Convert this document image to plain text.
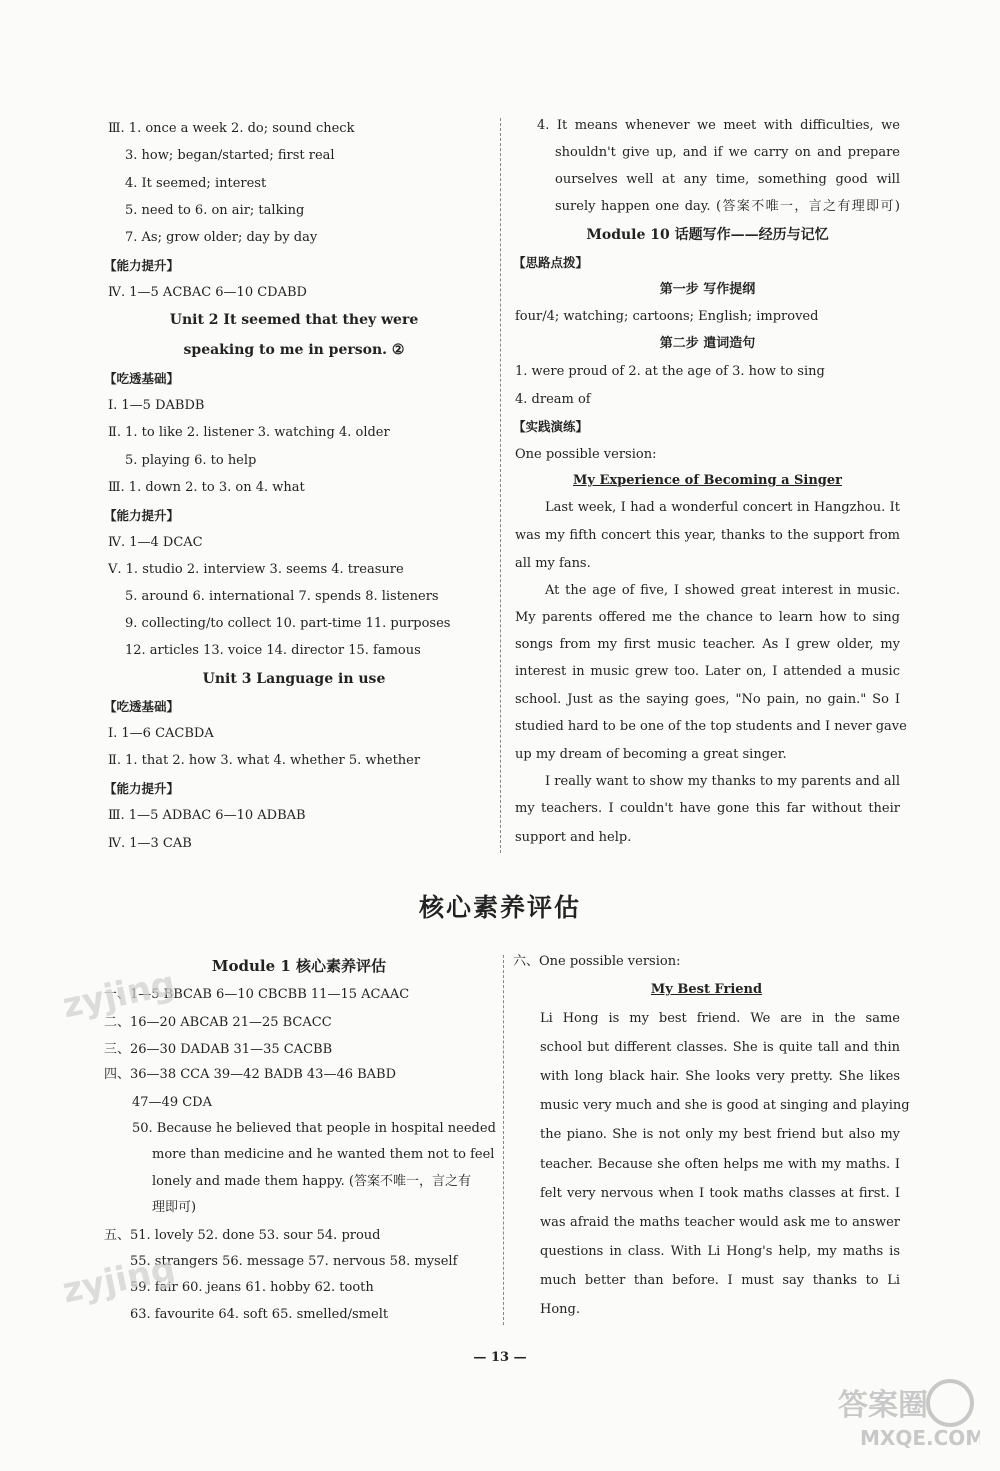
Ⅲ. 1. once a week 2. do; sound check
3. how; began/started; first real
4. It seemed; interest
5. need to 6. on air; talking
7. As; grow older; day by day
【能力提升】
Ⅳ. 1—5 ACBAC 6—10 CDABD
Unit 2 It seemed that they were
speaking to me in person. ②
【吃透基础】
Ⅰ. 1—5 DABDB
Ⅱ. 1. to like 2. listener 3. watching 4. older
5. playing 6. to help
Ⅲ. 1. down 2. to 3. on 4. what
【能力提升】
Ⅳ. 1—4 DCAC
Ⅴ. 1. studio 2. interview 3. seems 4. treasure
5. around 6. international 7. spends 8. listeners
9. collecting/to collect 10. part-time 11. purposes
12. articles 13. voice 14. director 15. famous
Unit 3 Language in use
【吃透基础】
Ⅰ. 1—6 CACBDA
Ⅱ. 1. that 2. how 3. what 4. whether 5. whether
【能力提升】
Ⅲ. 1—5 ADBAC 6—10 ADBAB
Ⅳ. 1—3 CAB
4. It means whenever we meet with difficulties, we
shouldn't give up, and if we carry on and prepare
ourselves well at any time, something good will
surely happen one day. (答案不唯一，言之有理即可)
Module 10 话题写作——经历与记忆
【思路点拨】
第一步 写作提纲
four/4; watching; cartoons; English; improved
第二步 遣词造句
1. were proud of 2. at the age of 3. how to sing
4. dream of
【实践演练】
One possible version:
My Experience of Becoming a Singer
Last week, I had a wonderful concert in Hangzhou. It
was my fifth concert this year, thanks to the support from
all my fans.
At the age of five, I showed great interest in music.
My parents offered me the chance to learn how to sing
songs from my first music teacher. As I grew older, my
interest in music grew too. Later on, I attended a music
school. Just as the saying goes, "No pain, no gain." So I
studied hard to be one of the top students and I never gave
up my dream of becoming a great singer.
I really want to show my thanks to my parents and all
my teachers. I couldn't have gone this far without their
support and help.
核心素养评估
Module 1 核心素养评估
一、1—5 BBCAB 6—10 CBCBB 11—15 ACAAC
二、16—20 ABCAB 21—25 BCACC
三、26—30 DADAB 31—35 CACBB
四、36—38 CCA 39—42 BADB 43—46 BABD
47—49 CDA
50. Because he believed that people in hospital needed
more than medicine and he wanted them not to feel
lonely and made them happy. (答案不唯一，言之有
理即可)
五、51. lovely 52. done 53. sour 54. proud
55. strangers 56. message 57. nervous 58. myself
59. fair 60. jeans 61. hobby 62. tooth
63. favourite 64. soft 65. smelled/smelt
六、One possible version:
My Best Friend
Li Hong is my best friend. We are in the same
school but different classes. She is quite tall and thin
with long black hair. She looks very pretty. She likes
music very much and she is good at singing and playing
the piano. She is not only my best friend but also my
teacher. Because she often helps me with my maths. I
felt very nervous when I took maths classes at first. I
was afraid the maths teacher would ask me to answer
questions in class. With Li Hong's help, my maths is
much better than before. I must say thanks to Li
Hong.
— 13 —
zyjing
zyjing
答案圈
MXQE.COM
